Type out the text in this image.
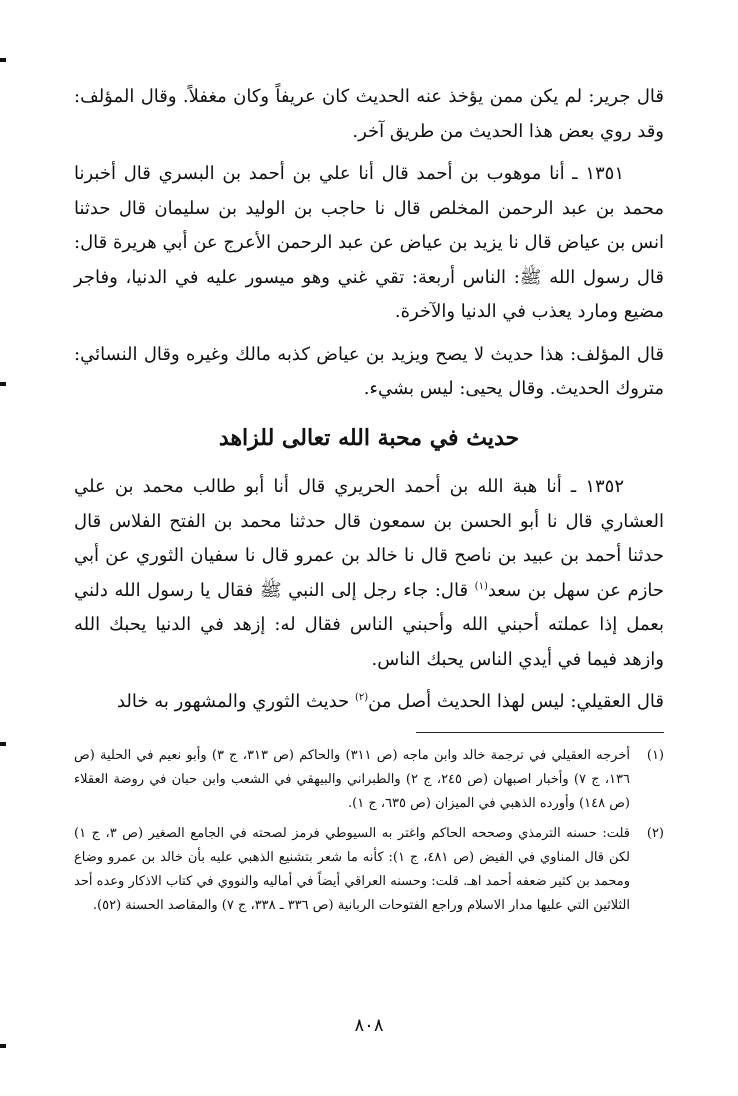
قال جرير: لم يكن ممن يؤخذ عنه الحديث كان عريفاً وكان مغفلاً. وقال المؤلف: وقد روي بعض هذا الحديث من طريق آخر.

١٣٥١ ـ أنا موهوب بن أحمد قال أنا علي بن أحمد بن البسري قال أخبرنا محمد بن عبد الرحمن المخلص قال نا حاجب بن الوليد بن سليمان قال حدثنا انس بن عياض قال نا يزيد بن عياض عن عبد الرحمن الأعرج عن أبي هريرة قال: قال رسول الله ﷺ: الناس أربعة: تقي غني وهو ميسور عليه في الدنيا، وفاجر مضيع ومارد يعذب في الدنيا والآخرة.

قال المؤلف: هذا حديث لا يصح ويزيد بن عياض كذبه مالك وغيره وقال النسائي: متروك الحديث. وقال يحيى: ليس بشيء.

حديث في محبة الله تعالى للزاهد

١٣٥٢ ـ أنا هبة الله بن أحمد الحريري قال أنا أبو طالب محمد بن علي العشاري قال نا أبو الحسن بن سمعون قال حدثنا محمد بن الفتح الفلاس قال حدثنا أحمد بن عبيد بن ناصح قال نا خالد بن عمرو قال نا سفيان الثوري عن أبي حازم عن سهل بن سعد$^{(١)}$ قال: جاء رجل إلى النبي ﷺ فقال يا رسول الله دلني بعمل إذا عملته أحبني الله وأحبني الناس فقال له: إزهد في الدنيا يحبك الله وازهد فيما في أيدي الناس يحبك الناس.

قال العقيلي: ليس لهذا الحديث أصل من$^{(٢)}$ حديث الثوري والمشهور به خالد

(١)
أخرجه العقيلي في ترجمة خالد وابن ماجه (ص ٣١١) والحاكم (ص ٣١٣، ج ٣) وأبو نعيم في الحلية (ص ١٣٦، ج ٧) وأخبار اصبهان (ص ٢٤٥، ج ٢) والطبراني والبيهقي في الشعب وابن حبان في روضة العقلاء (ص ١٤٨) وأورده الذهبي في الميزان (ص ٦٣٥، ج ١).
(٢)
قلت: حسنه الترمذي وصححه الحاكم واغتر به السيوطي فرمز لصحته في الجامع الصغير (ص ٣، ج ١) لكن قال المناوي في الفيض (ص ٤٨١، ج ١): كأنه ما شعر بتشنيع الذهبي عليه بأن خالد بن عمرو وضاع ومحمد بن كثير ضعفه أحمد اهـ. قلت: وحسنه العراقي أيضاً في أماليه والنووي في كتاب الاذكار وعده أحد الثلاثين التي عليها مدار الاسلام وراجع الفتوحات الربانية (ص ٣٣٦ ـ ٣٣٨، ج ٧) والمقاصد الحسنة (٥٢).
٨٠٨
